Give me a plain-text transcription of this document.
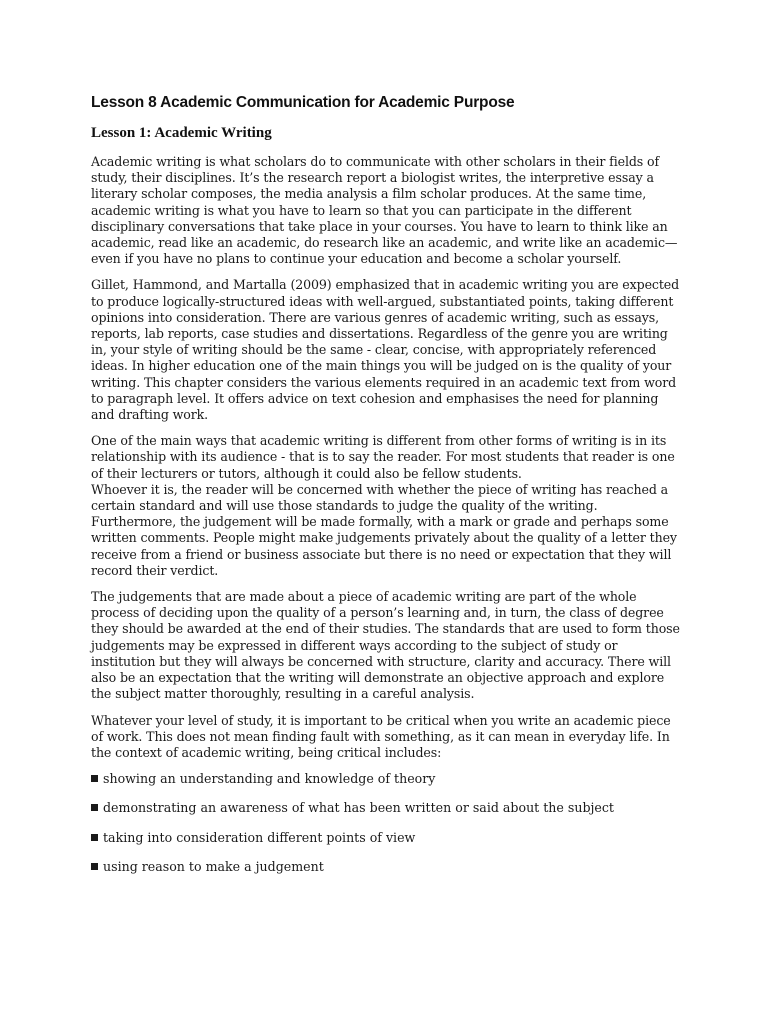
Lesson 8 Academic Communication for Academic Purpose
Lesson 1: Academic Writing

Academic writing is what scholars do to communicate with other scholars in their fields of study, their disciplines. It’s the research report a biologist writes, the interpretive essay a literary scholar composes, the media analysis a film scholar produces. At the same time, academic writing is what you have to learn so that you can participate in the different disciplinary conversations that take place in your courses. You have to learn to think like an academic, read like an academic, do research like an academic, and write like an academic—even if you have no plans to continue your education and become a scholar yourself.

Gillet, Hammond, and Martalla (2009) emphasized that in academic writing you are expected to produce logically-structured ideas with well-argued, substantiated points, taking different opinions into consideration. There are various genres of academic writing, such as essays, reports, lab reports, case studies and dissertations. Regardless of the genre you are writing in, your style of writing should be the same - clear, concise, with appropriately referenced ideas. In higher education one of the main things you will be judged on is the quality of your writing. This chapter considers the various elements required in an academic text from word to paragraph level. It offers advice on text cohesion and emphasises the need for planning and drafting work.

One of the main ways that academic writing is different from other forms of writing is in its relationship with its audience - that is to say the reader. For most students that reader is one of their lecturers or tutors, although it could also be fellow students.

Whoever it is, the reader will be concerned with whether the piece of writing has reached a certain standard and will use those standards to judge the quality of the writing. Furthermore, the judgement will be made formally, with a mark or grade and perhaps some written comments. People might make judgements privately about the quality of a letter they receive from a friend or business associate but there is no need or expectation that they will record their verdict.

The judgements that are made about a piece of academic writing are part of the whole process of deciding upon the quality of a person’s learning and, in turn, the class of degree they should be awarded at the end of their studies. The standards that are used to form those judgements may be expressed in different ways according to the subject of study or institution but they will always be concerned with structure, clarity and accuracy. There will also be an expectation that the writing will demonstrate an objective approach and explore the subject matter thoroughly, resulting in a careful analysis.

Whatever your level of study, it is important to be critical when you write an academic piece of work. This does not mean finding fault with something, as it can mean in everyday life. In the context of academic writing, being critical includes:

showing an understanding and knowledge of theory
demonstrating an awareness of what has been written or said about the subject
taking into consideration different points of view
using reason to make a judgement
